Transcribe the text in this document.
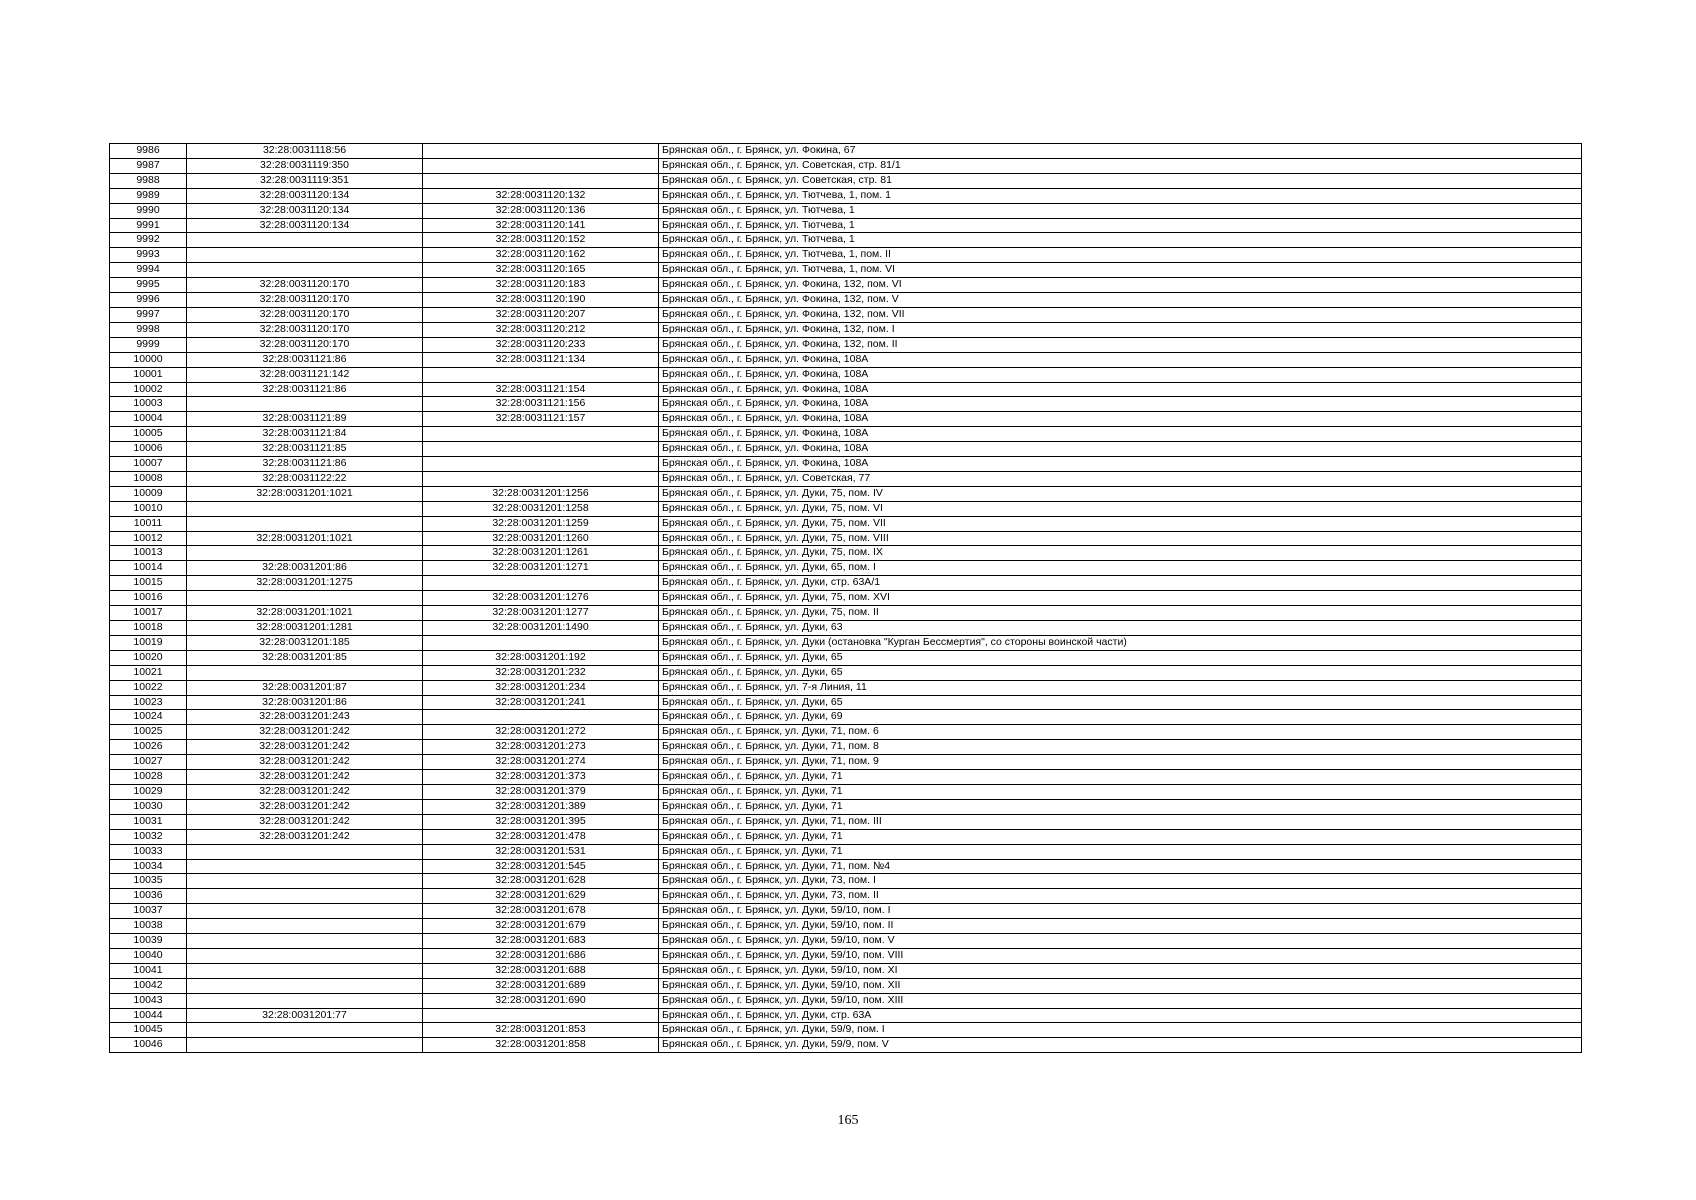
9986	32:28:0031118:56		Брянская обл., г. Брянск, ул. Фокина, 67
9987	32:28:0031119:350		Брянская обл., г. Брянск, ул. Советская, стр. 81/1
9988	32:28:0031119:351		Брянская обл., г. Брянск, ул. Советская, стр. 81
9989	32:28:0031120:134	32:28:0031120:132	Брянская обл., г. Брянск, ул. Тютчева, 1, пом. 1
9990	32:28:0031120:134	32:28:0031120:136	Брянская обл., г. Брянск, ул. Тютчева, 1
9991	32:28:0031120:134	32:28:0031120:141	Брянская обл., г. Брянск, ул. Тютчева, 1
9992		32:28:0031120:152	Брянская обл., г. Брянск, ул. Тютчева, 1
9993		32:28:0031120:162	Брянская обл., г. Брянск, ул. Тютчева, 1, пом. II
9994		32:28:0031120:165	Брянская обл., г. Брянск, ул. Тютчева, 1, пом. VI
9995	32:28:0031120:170	32:28:0031120:183	Брянская обл., г. Брянск, ул. Фокина, 132, пом. VI
9996	32:28:0031120:170	32:28:0031120:190	Брянская обл., г. Брянск, ул. Фокина, 132, пом. V
9997	32:28:0031120:170	32:28:0031120:207	Брянская обл., г. Брянск, ул. Фокина, 132, пом. VII
9998	32:28:0031120:170	32:28:0031120:212	Брянская обл., г. Брянск, ул. Фокина, 132, пом. I
9999	32:28:0031120:170	32:28:0031120:233	Брянская обл., г. Брянск, ул. Фокина, 132, пом. II
10000	32:28:0031121:86	32:28:0031121:134	Брянская обл., г. Брянск, ул. Фокина, 108А
10001	32:28:0031121:142		Брянская обл., г. Брянск, ул. Фокина, 108А
10002	32:28:0031121:86	32:28:0031121:154	Брянская обл., г. Брянск, ул. Фокина, 108А
10003		32:28:0031121:156	Брянская обл., г. Брянск, ул. Фокина, 108А
10004	32:28:0031121:89	32:28:0031121:157	Брянская обл., г. Брянск, ул. Фокина, 108А
10005	32:28:0031121:84		Брянская обл., г. Брянск, ул. Фокина, 108А
10006	32:28:0031121:85		Брянская обл., г. Брянск, ул. Фокина, 108А
10007	32:28:0031121:86		Брянская обл., г. Брянск, ул. Фокина, 108А
10008	32:28:0031122:22		Брянская обл., г. Брянск, ул. Советская, 77
10009	32:28:0031201:1021	32:28:0031201:1256	Брянская обл., г. Брянск, ул. Дуки, 75, пом. IV
10010		32:28:0031201:1258	Брянская обл., г. Брянск, ул. Дуки, 75, пом. VI
10011		32:28:0031201:1259	Брянская обл., г. Брянск, ул. Дуки, 75, пом. VII
10012	32:28:0031201:1021	32:28:0031201:1260	Брянская обл., г. Брянск, ул. Дуки, 75, пом. VIII
10013		32:28:0031201:1261	Брянская обл., г. Брянск, ул. Дуки, 75, пом. IX
10014	32:28:0031201:86	32:28:0031201:1271	Брянская обл., г. Брянск, ул. Дуки, 65, пом. I
10015	32:28:0031201:1275		Брянская обл., г. Брянск, ул. Дуки, стр. 63А/1
10016		32:28:0031201:1276	Брянская обл., г. Брянск, ул. Дуки, 75, пом. XVI
10017	32:28:0031201:1021	32:28:0031201:1277	Брянская обл., г. Брянск, ул. Дуки, 75, пом. II
10018	32:28:0031201:1281	32:28:0031201:1490	Брянская обл., г. Брянск, ул. Дуки, 63
10019	32:28:0031201:185		Брянская обл., г. Брянск, ул. Дуки (остановка "Курган Бессмертия", со стороны воинской части)
10020	32:28:0031201:85	32:28:0031201:192	Брянская обл., г. Брянск, ул. Дуки, 65
10021		32:28:0031201:232	Брянская обл., г. Брянск, ул. Дуки, 65
10022	32:28:0031201:87	32:28:0031201:234	Брянская обл., г. Брянск, ул. 7-я Линия, 11
10023	32:28:0031201:86	32:28:0031201:241	Брянская обл., г. Брянск, ул. Дуки, 65
10024	32:28:0031201:243		Брянская обл., г. Брянск, ул. Дуки, 69
10025	32:28:0031201:242	32:28:0031201:272	Брянская обл., г. Брянск, ул. Дуки, 71, пом. 6
10026	32:28:0031201:242	32:28:0031201:273	Брянская обл., г. Брянск, ул. Дуки, 71, пом. 8
10027	32:28:0031201:242	32:28:0031201:274	Брянская обл., г. Брянск, ул. Дуки, 71, пом. 9
10028	32:28:0031201:242	32:28:0031201:373	Брянская обл., г. Брянск, ул. Дуки, 71
10029	32:28:0031201:242	32:28:0031201:379	Брянская обл., г. Брянск, ул. Дуки, 71
10030	32:28:0031201:242	32:28:0031201:389	Брянская обл., г. Брянск, ул. Дуки, 71
10031	32:28:0031201:242	32:28:0031201:395	Брянская обл., г. Брянск, ул. Дуки, 71, пом. III
10032	32:28:0031201:242	32:28:0031201:478	Брянская обл., г. Брянск, ул. Дуки, 71
10033		32:28:0031201:531	Брянская обл., г. Брянск, ул. Дуки, 71
10034		32:28:0031201:545	Брянская обл., г. Брянск, ул. Дуки, 71, пом. №4
10035		32:28:0031201:628	Брянская обл., г. Брянск, ул. Дуки, 73, пом. I
10036		32:28:0031201:629	Брянская обл., г. Брянск, ул. Дуки, 73, пом. II
10037		32:28:0031201:678	Брянская обл., г. Брянск, ул. Дуки, 59/10, пом. I
10038		32:28:0031201:679	Брянская обл., г. Брянск, ул. Дуки, 59/10, пом. II
10039		32:28:0031201:683	Брянская обл., г. Брянск, ул. Дуки, 59/10, пом. V
10040		32:28:0031201:686	Брянская обл., г. Брянск, ул. Дуки, 59/10, пом. VIII
10041		32:28:0031201:688	Брянская обл., г. Брянск, ул. Дуки, 59/10, пом. XI
10042		32:28:0031201:689	Брянская обл., г. Брянск, ул. Дуки, 59/10, пом. XII
10043		32:28:0031201:690	Брянская обл., г. Брянск, ул. Дуки, 59/10, пом. XIII
10044	32:28:0031201:77		Брянская обл., г. Брянск, ул. Дуки, стр. 63А
10045		32:28:0031201:853	Брянская обл., г. Брянск, ул. Дуки, 59/9, пом. I
10046		32:28:0031201:858	Брянская обл., г. Брянск, ул. Дуки, 59/9, пом. V
165
